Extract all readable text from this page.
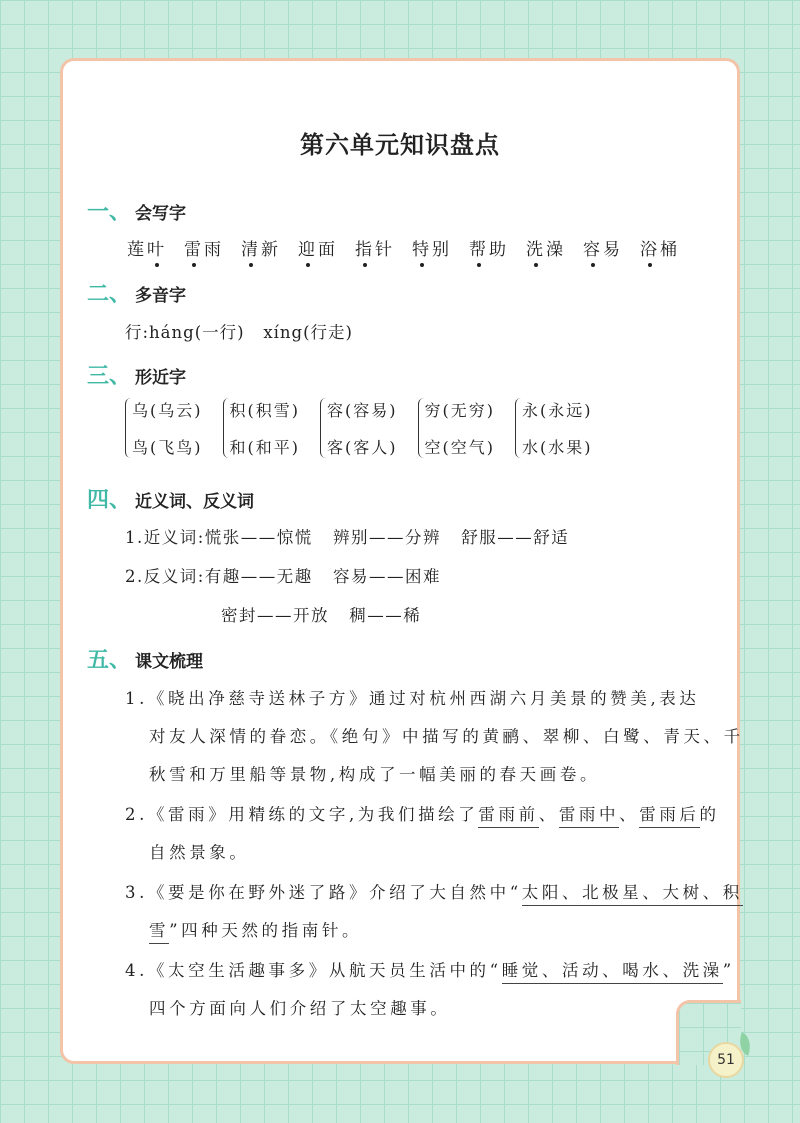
第六单元知识盘点
一、 会写字
莲叶 雷雨 清新 迎面 指针 特别 帮助 洗澡 容易 浴桶
二、 多音字
行:háng(一行)   xíng(行走)
三、 形近字
乌(乌云)
鸟(飞鸟)
积(积雪)
和(和平)
容(容易)
客(客人)
穷(无穷)
空(空气)
永(永远)
水(水果)
四、 近义词、反义词
1.近义词:慌张——惊慌   辨别——分辨   舒服——舒适
2.反义词:有趣——无趣   容易——困难
密封——开放   稠——稀
五、 课文梳理
1.《晓出净慈寺送林子方》通过对杭州西湖六月美景的赞美,表达
对友人深情的眷恋。《绝句》中描写的黄鹂、翠柳、白鹭、青天、千
秋雪和万里船等景物,构成了一幅美丽的春天画卷。
2.《雷雨》用精练的文字,为我们描绘了雷雨前、雷雨中、雷雨后的
自然景象。
3.《要是你在野外迷了路》介绍了大自然中“太阳、北极星、大树、积
雪”四种天然的指南针。
4.《太空生活趣事多》从航天员生活中的“睡觉、活动、喝水、洗澡”
四个方面向人们介绍了太空趣事。
51
